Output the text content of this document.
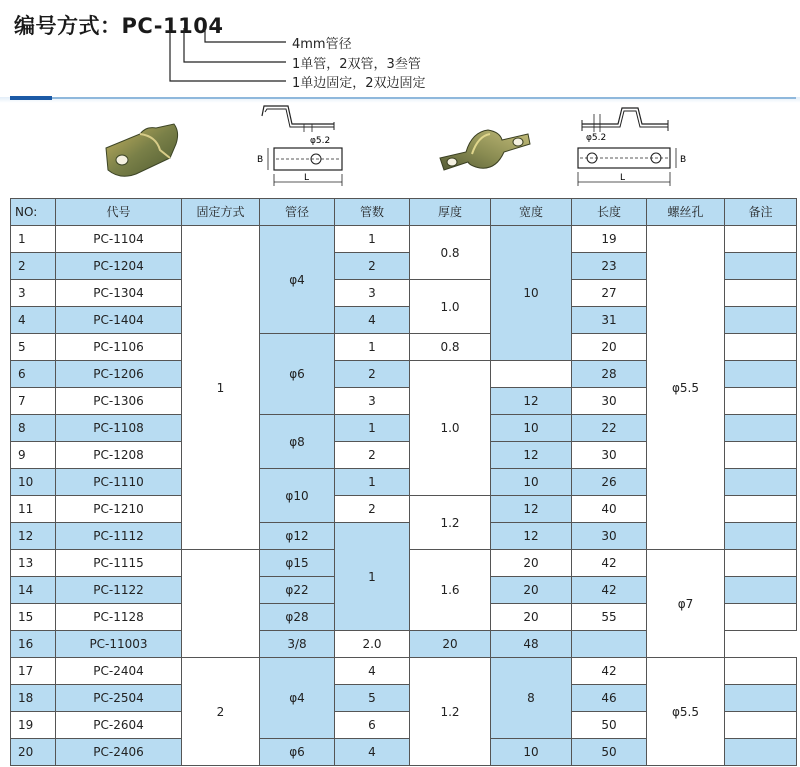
编号方式：PC-1104
4mm管径
1单管，2双管，3叁管
1单边固定，2双边固定
φ5.2
B
L
φ5.2
B
L
NO:	代号	固定方式	管径	管数	厚度	宽度	长度	螺丝孔	备注
1	PC-1104	1	φ4	1	0.8	10	19	φ5.5	
2	PC-1204			2			23		
3	PC-1304			3	1.0		27		
4	PC-1404			4			31		
5	PC-1106		φ6	1	0.8		20		
6	PC-1206			2	1.0		28		
7	PC-1306			3		12	30		
8	PC-1108		φ8	1		10	22		
9	PC-1208			2		12	30		
10	PC-1110		φ10	1		10	26		
11	PC-1210			2	1.2	12	40		
12	PC-1112		φ12	1		12	30		
13	PC-1115		φ15		1.6	20	42	φ7	
14	PC-1122		φ22			20	42		
15	PC-1128		φ28			20	55		
16	PC-11003		3/8	2.0	20	48			
17	PC-2404	2	φ4	4	1.2	8	42	φ5.5	
18	PC-2504			5			46		
19	PC-2604			6			50		
20	PC-2406		φ6	4		10	50		
